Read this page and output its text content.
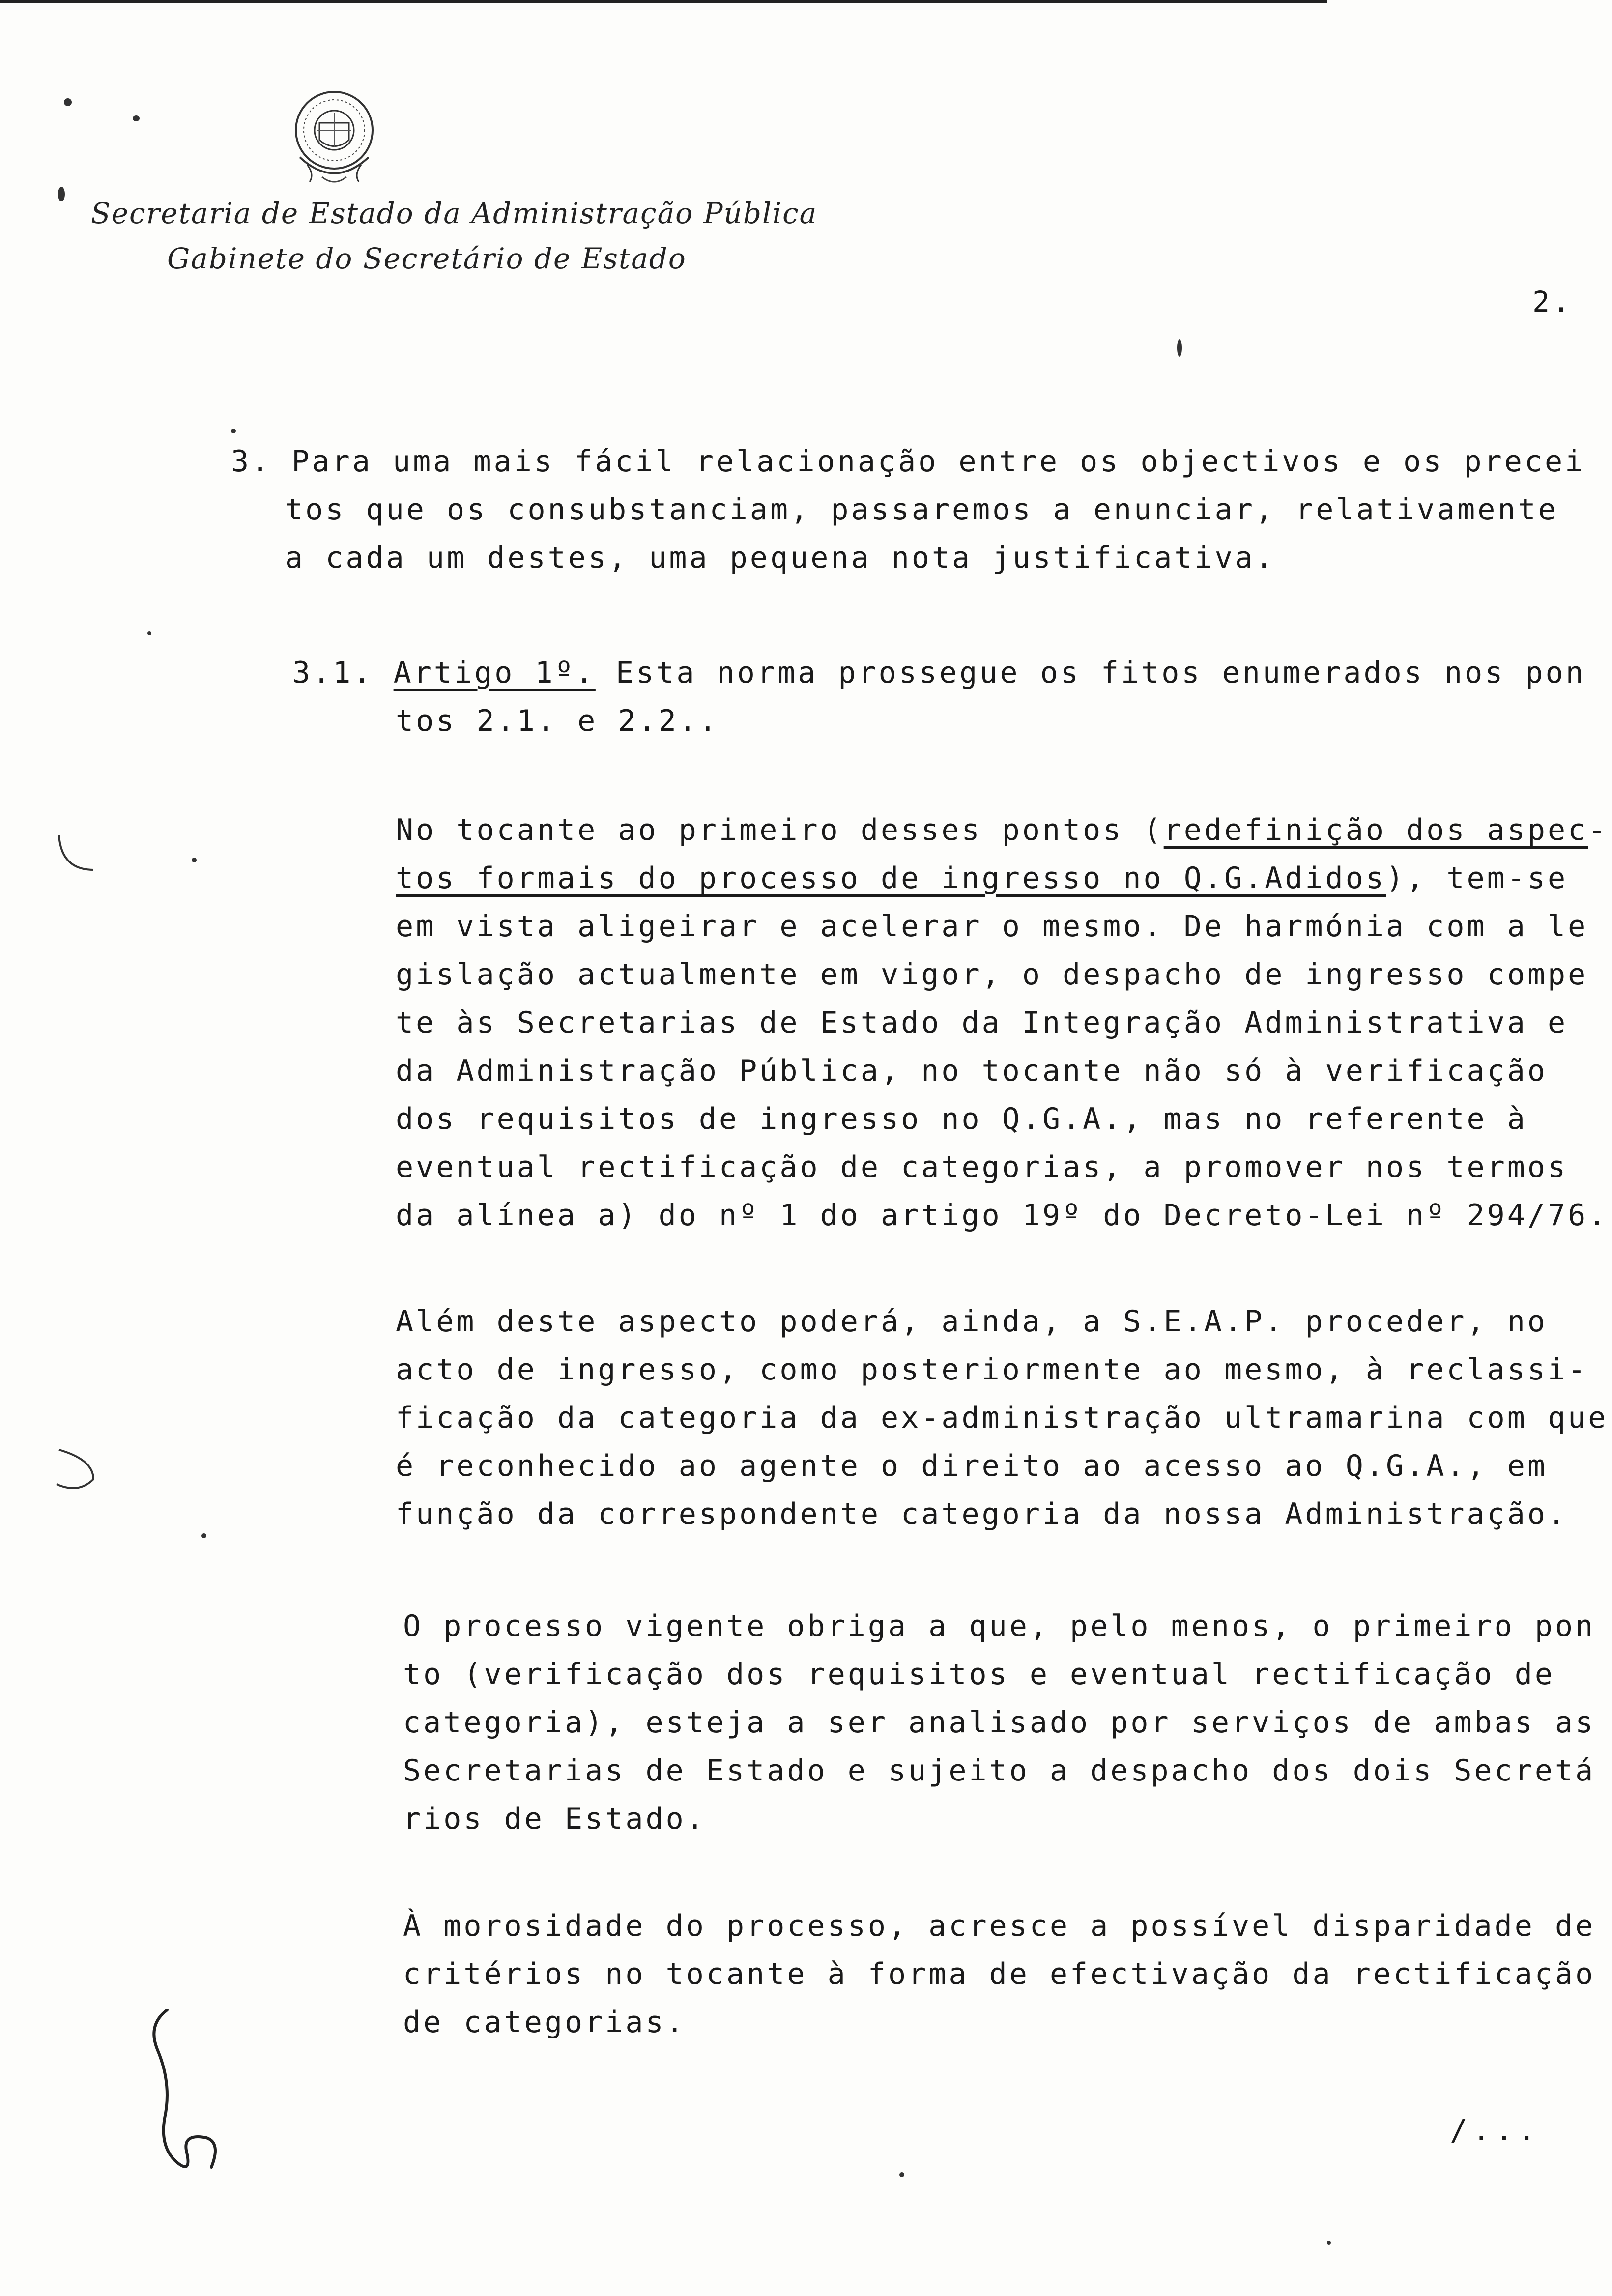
Secretaria de Estado da Administração Pública
Gabinete do Secretário de Estado
2.
3. Para uma mais fácil relacionação entre os objectivos e os precei
tos que os consubstanciam, passaremos a enunciar, relativamente
a cada um destes, uma pequena nota justificativa.
3.1. Artigo 1º. Esta norma prossegue os fitos enumerados nos pon
tos 2.1. e 2.2..
No tocante ao primeiro desses pontos (redefinição dos aspec-
tos formais do processo de ingresso no Q.G.Adidos), tem-se
em vista aligeirar e acelerar o mesmo. De harmónia com a le
gislação actualmente em vigor, o despacho de ingresso compe
te às Secretarias de Estado da Integração Administrativa e
da Administração Pública, no tocante não só à verificação
dos requisitos de ingresso no Q.G.A., mas no referente à
eventual rectificação de categorias, a promover nos termos
da alínea a) do nº 1 do artigo 19º do Decreto-Lei nº 294/76.
Além deste aspecto poderá, ainda, a S.E.A.P. proceder, no
acto de ingresso, como posteriormente ao mesmo, à reclassi-
ficação da categoria da ex-administração ultramarina com que
é reconhecido ao agente o direito ao acesso ao Q.G.A., em
função da correspondente categoria da nossa Administração.
O processo vigente obriga a que, pelo menos, o primeiro pon
to (verificação dos requisitos e eventual rectificação de
categoria), esteja a ser analisado por serviços de ambas as
Secretarias de Estado e sujeito a despacho dos dois Secretá
rios de Estado.
À morosidade do processo, acresce a possível disparidade de
critérios no tocante à forma de efectivação da rectificação
de categorias.
/...
